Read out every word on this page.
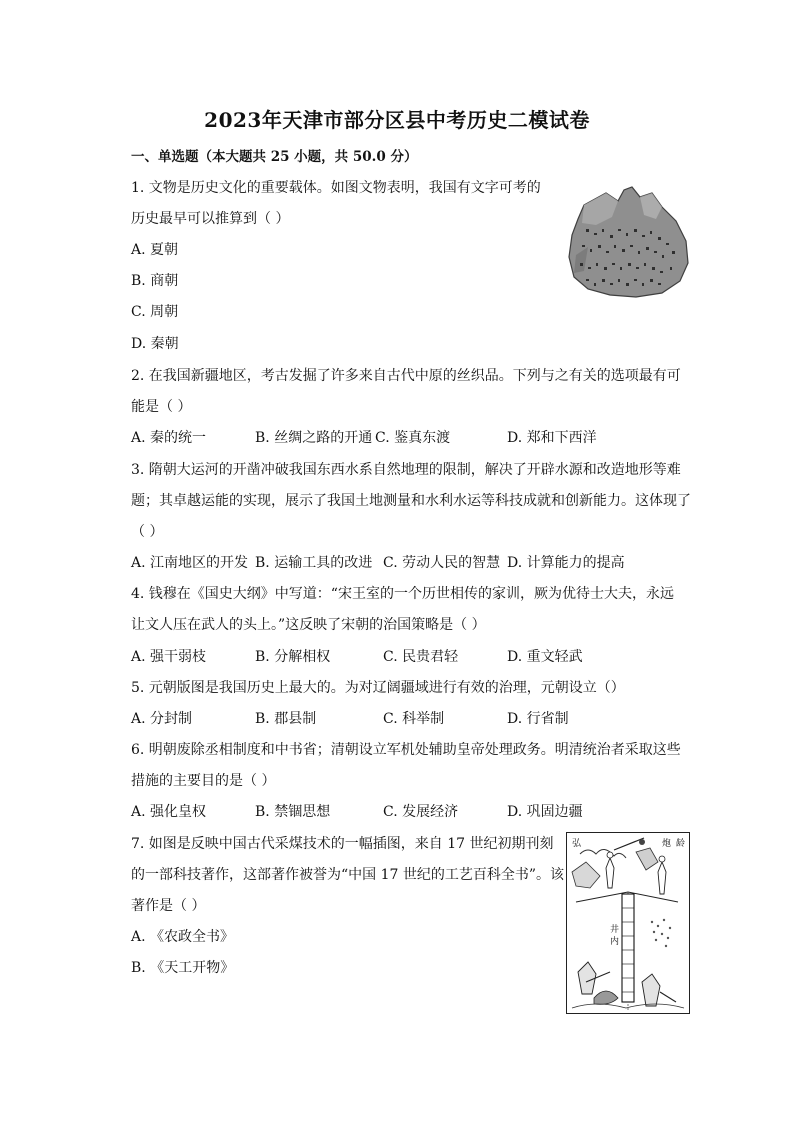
2023年天津市部分区县中考历史二模试卷
一、单选题（本大题共 25 小题，共 50.0 分）
1. 文物是历史文化的重要载体。如图文物表明，我国有文字可考的
历史最早可以推算到（ ）
A. 夏朝
B. 商朝
C. 周朝
D. 秦朝
2. 在我国新疆地区，考古发掘了许多来自古代中原的丝织品。下列与之有关的选项最有可
能是（ ）
A. 秦的统一	B. 丝绸之路的开通 C. 鉴真东渡	D. 郑和下西洋
3. 隋朝大运河的开凿冲破我国东西水系自然地理的限制，解决了开辟水源和改造地形等难
题；其卓越运能的实现，展示了我国土地测量和水利水运等科技成就和创新能力。这体现了
（ ）
A. 江南地区的开发 B. 运输工具的改进 C. 劳动人民的智慧 D. 计算能力的提高
4. 钱穆在《国史大纲》中写道：“宋王室的一个历世相传的家训，厥为优待士大夫，永远
让文人压在武人的头上。”这反映了宋朝的治国策略是（ ）
A. 强干弱枝	B. 分解相权	C. 民贵君轻	D. 重文轻武
5. 元朝版图是我国历史上最大的。为对辽阔疆域进行有效的治理，元朝设立（）
A. 分封制	B. 郡县制	C. 科举制	D. 行省制
6. 明朝废除丞相制度和中书省；清朝设立军机处辅助皇帝处理政务。明清统治者采取这些
措施的主要目的是（ ）
A. 强化皇权	B. 禁锢思想	C. 发展经济	D. 巩固边疆
7. 如图是反映中国古代采煤技术的一幅插图，来自 17 世纪初期刊刻
的一部科技著作，这部著作被誉为“中国 17 世纪的工艺百科全书”。该
著作是（ ）
A. 《农政全书》
B. 《天工开物》
弘	炮 龄
井
内
